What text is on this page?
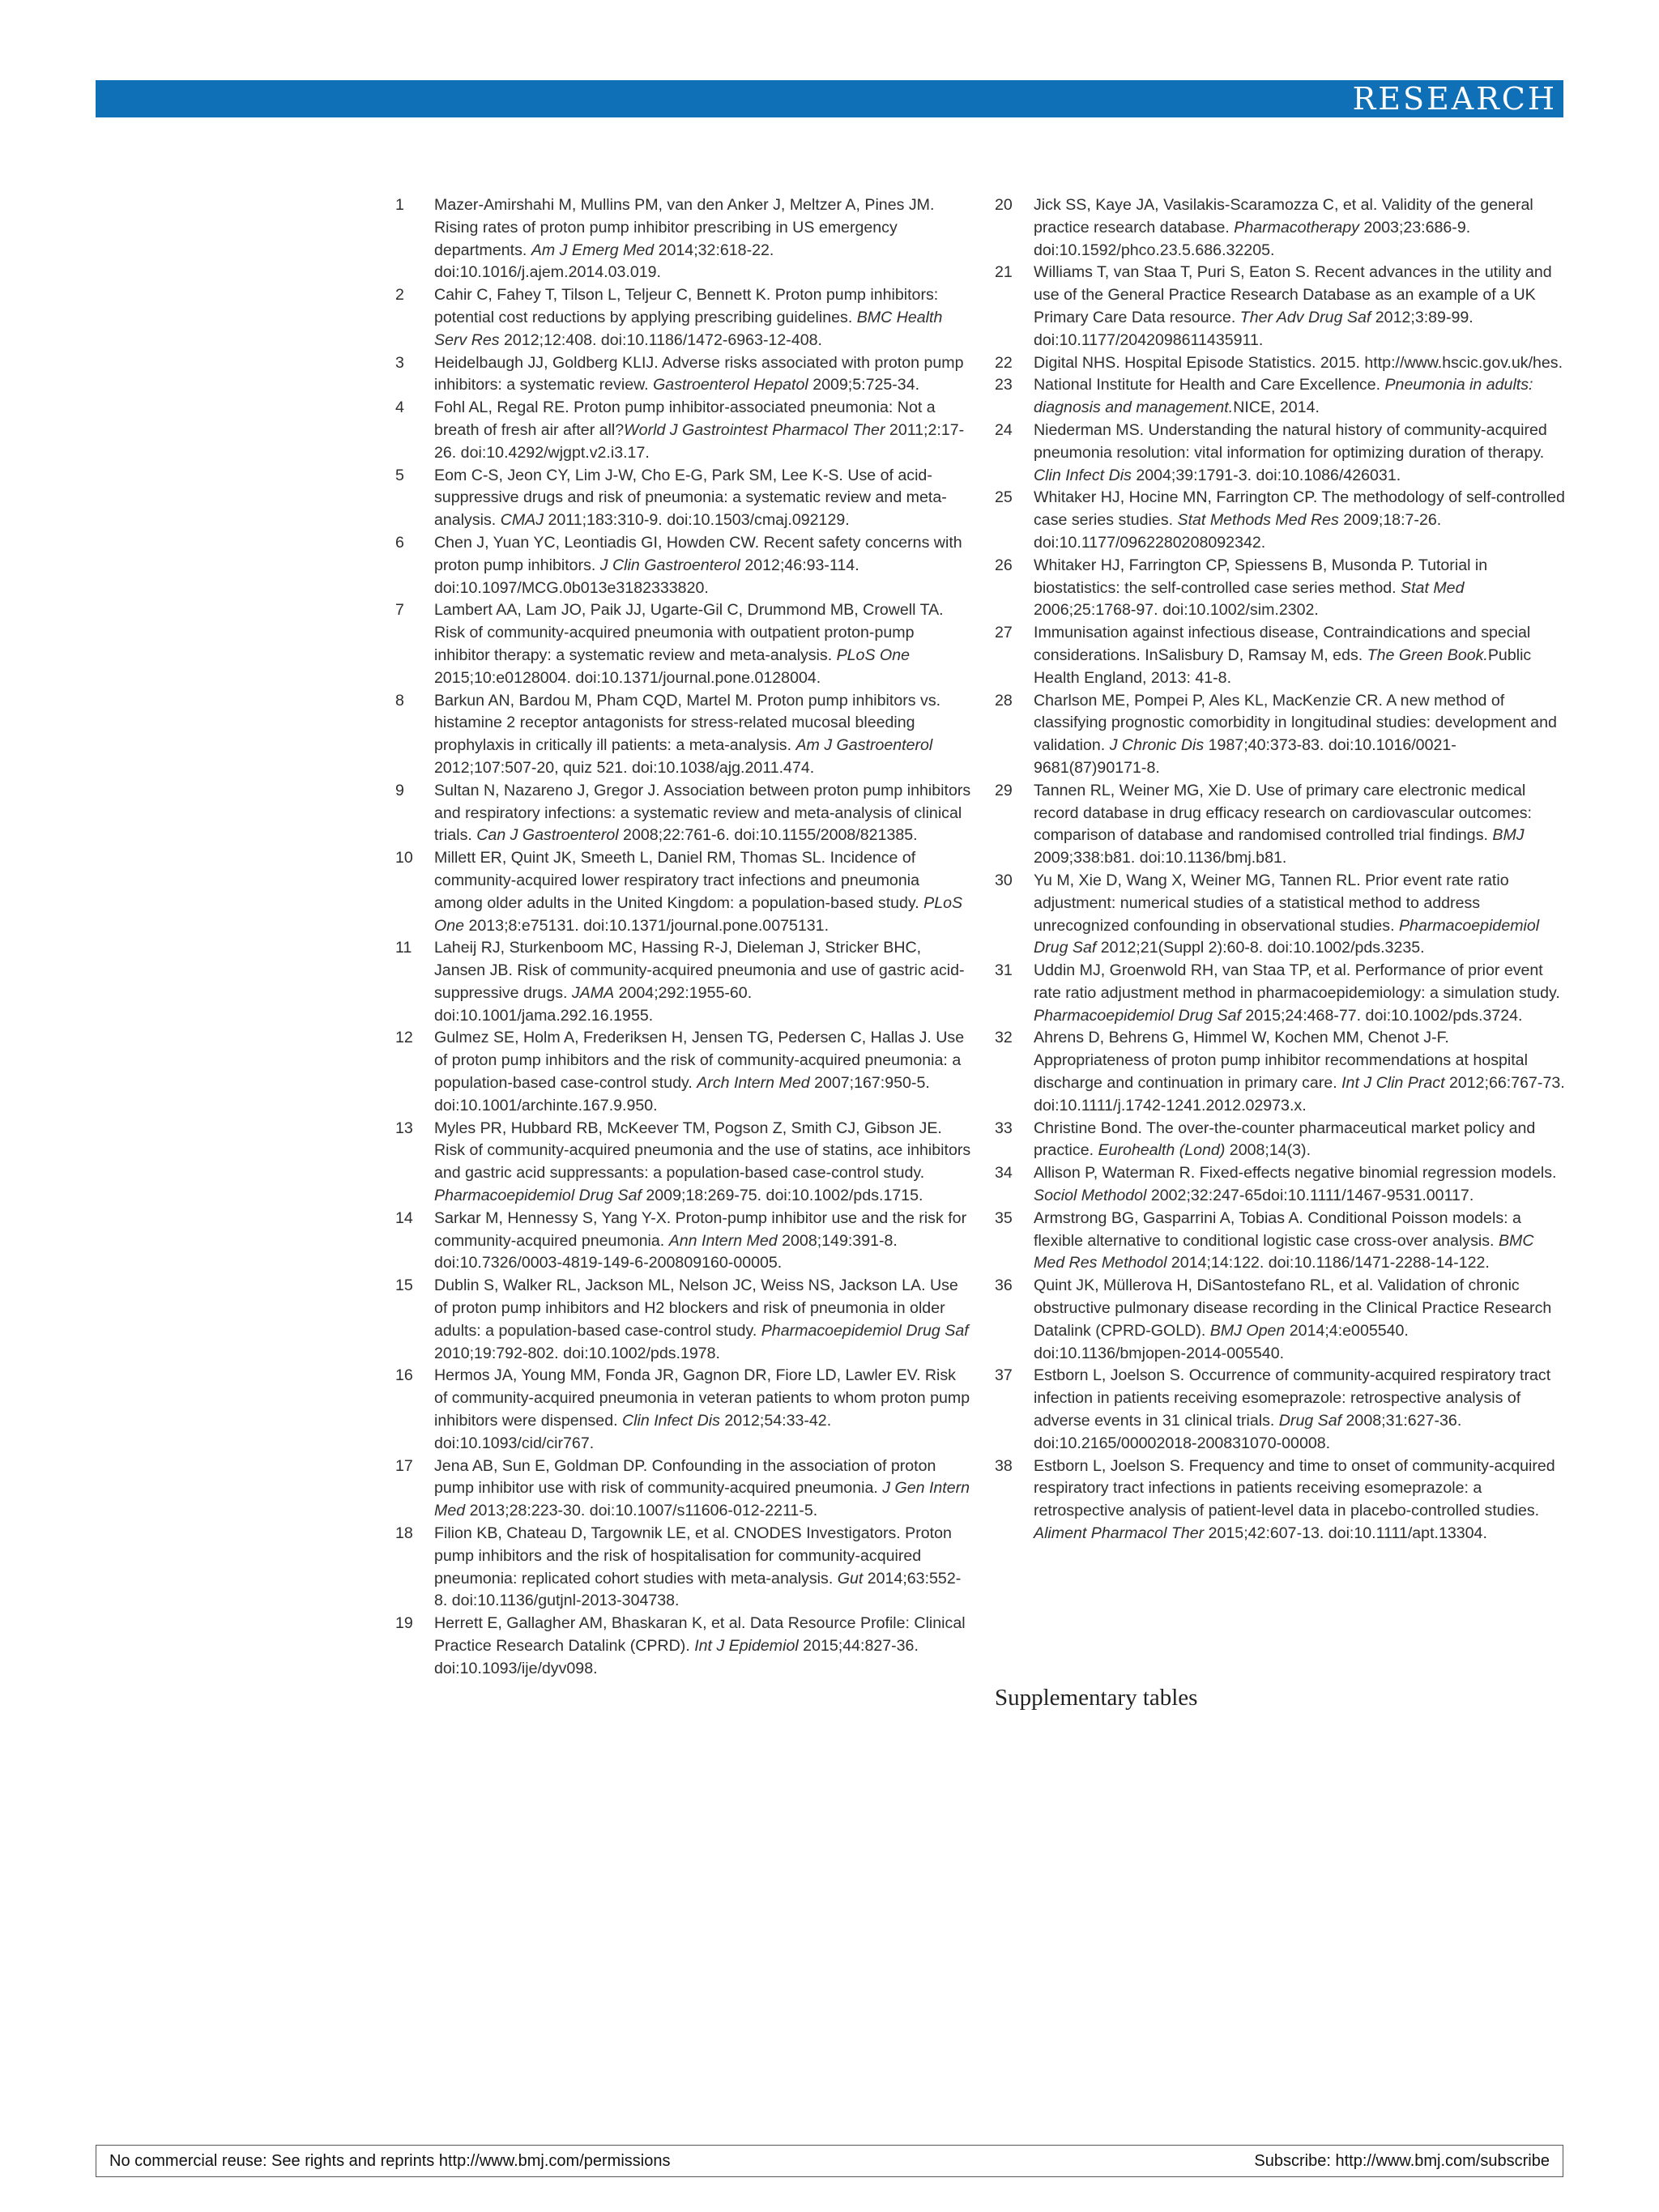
RESEARCH
1	Mazer-Amirshahi M, Mullins PM, van den Anker J, Meltzer A, Pines JM. Rising rates of proton pump inhibitor prescribing in US emergency departments. Am J Emerg Med 2014;32:618-22. doi:10.1016/j.ajem.2014.03.019.
2	Cahir C, Fahey T, Tilson L, Teljeur C, Bennett K. Proton pump inhibitors: potential cost reductions by applying prescribing guidelines. BMC Health Serv Res 2012;12:408. doi:10.1186/1472-6963-12-408.
3	Heidelbaugh JJ, Goldberg KLIJ. Adverse risks associated with proton pump inhibitors: a systematic review. Gastroenterol Hepatol 2009;5:725-34.
4	Fohl AL, Regal RE. Proton pump inhibitor-associated pneumonia: Not a breath of fresh air after all?World J Gastrointest Pharmacol Ther 2011;2:17-26. doi:10.4292/wjgpt.v2.i3.17.
5	Eom C-S, Jeon CY, Lim J-W, Cho E-G, Park SM, Lee K-S. Use of acid-suppressive drugs and risk of pneumonia: a systematic review and meta-analysis. CMAJ 2011;183:310-9. doi:10.1503/cmaj.092129.
6	Chen J, Yuan YC, Leontiadis GI, Howden CW. Recent safety concerns with proton pump inhibitors. J Clin Gastroenterol 2012;46:93-114. doi:10.1097/MCG.0b013e3182333820.
7	Lambert AA, Lam JO, Paik JJ, Ugarte-Gil C, Drummond MB, Crowell TA. Risk of community-acquired pneumonia with outpatient proton-pump inhibitor therapy: a systematic review and meta-analysis. PLoS One 2015;10:e0128004. doi:10.1371/journal.pone.0128004.
8	Barkun AN, Bardou M, Pham CQD, Martel M. Proton pump inhibitors vs. histamine 2 receptor antagonists for stress-related mucosal bleeding prophylaxis in critically ill patients: a meta-analysis. Am J Gastroenterol 2012;107:507-20, quiz 521. doi:10.1038/ajg.2011.474.
9	Sultan N, Nazareno J, Gregor J. Association between proton pump inhibitors and respiratory infections: a systematic review and meta-analysis of clinical trials. Can J Gastroenterol 2008;22:761-6. doi:10.1155/2008/821385.
10	Millett ER, Quint JK, Smeeth L, Daniel RM, Thomas SL. Incidence of community-acquired lower respiratory tract infections and pneumonia among older adults in the United Kingdom: a population-based study. PLoS One 2013;8:e75131. doi:10.1371/journal.pone.0075131.
11	Laheij RJ, Sturkenboom MC, Hassing R-J, Dieleman J, Stricker BHC, Jansen JB. Risk of community-acquired pneumonia and use of gastric acid-suppressive drugs. JAMA 2004;292:1955-60. doi:10.1001/jama.292.16.1955.
12	Gulmez SE, Holm A, Frederiksen H, Jensen TG, Pedersen C, Hallas J. Use of proton pump inhibitors and the risk of community-acquired pneumonia: a population-based case-control study. Arch Intern Med 2007;167:950-5. doi:10.1001/archinte.167.9.950.
13	Myles PR, Hubbard RB, McKeever TM, Pogson Z, Smith CJ, Gibson JE. Risk of community-acquired pneumonia and the use of statins, ace inhibitors and gastric acid suppressants: a population-based case-control study. Pharmacoepidemiol Drug Saf 2009;18:269-75. doi:10.1002/pds.1715.
14	Sarkar M, Hennessy S, Yang Y-X. Proton-pump inhibitor use and the risk for community-acquired pneumonia. Ann Intern Med 2008;149:391-8. doi:10.7326/0003-4819-149-6-200809160-00005.
15	Dublin S, Walker RL, Jackson ML, Nelson JC, Weiss NS, Jackson LA. Use of proton pump inhibitors and H2 blockers and risk of pneumonia in older adults: a population-based case-control study. Pharmacoepidemiol Drug Saf 2010;19:792-802. doi:10.1002/pds.1978.
16	Hermos JA, Young MM, Fonda JR, Gagnon DR, Fiore LD, Lawler EV. Risk of community-acquired pneumonia in veteran patients to whom proton pump inhibitors were dispensed. Clin Infect Dis 2012;54:33-42. doi:10.1093/cid/cir767.
17	Jena AB, Sun E, Goldman DP. Confounding in the association of proton pump inhibitor use with risk of community-acquired pneumonia. J Gen Intern Med 2013;28:223-30. doi:10.1007/s11606-012-2211-5.
18	Filion KB, Chateau D, Targownik LE, et al. CNODES Investigators. Proton pump inhibitors and the risk of hospitalisation for community-acquired pneumonia: replicated cohort studies with meta-analysis. Gut 2014;63:552-8. doi:10.1136/gutjnl-2013-304738.
19	Herrett E, Gallagher AM, Bhaskaran K, et al. Data Resource Profile: Clinical Practice Research Datalink (CPRD). Int J Epidemiol 2015;44:827-36. doi:10.1093/ije/dyv098.
20	Jick SS, Kaye JA, Vasilakis-Scaramozza C, et al. Validity of the general practice research database. Pharmacotherapy 2003;23:686-9. doi:10.1592/phco.23.5.686.32205.
21	Williams T, van Staa T, Puri S, Eaton S. Recent advances in the utility and use of the General Practice Research Database as an example of a UK Primary Care Data resource. Ther Adv Drug Saf 2012;3:89-99. doi:10.1177/2042098611435911.
22	Digital NHS. Hospital Episode Statistics. 2015. http://www.hscic.gov.uk/hes.
23	National Institute for Health and Care Excellence. Pneumonia in adults: diagnosis and management.NICE, 2014.
24	Niederman MS. Understanding the natural history of community-acquired pneumonia resolution: vital information for optimizing duration of therapy. Clin Infect Dis 2004;39:1791-3. doi:10.1086/426031.
25	Whitaker HJ, Hocine MN, Farrington CP. The methodology of self-controlled case series studies. Stat Methods Med Res 2009;18:7-26. doi:10.1177/0962280208092342.
26	Whitaker HJ, Farrington CP, Spiessens B, Musonda P. Tutorial in biostatistics: the self-controlled case series method. Stat Med 2006;25:1768-97. doi:10.1002/sim.2302.
27	Immunisation against infectious disease, Contraindications and special considerations. InSalisbury D, Ramsay M, eds. The Green Book.Public Health England, 2013: 41-8.
28	Charlson ME, Pompei P, Ales KL, MacKenzie CR. A new method of classifying prognostic comorbidity in longitudinal studies: development and validation. J Chronic Dis 1987;40:373-83. doi:10.1016/0021-9681(87)90171-8.
29	Tannen RL, Weiner MG, Xie D. Use of primary care electronic medical record database in drug efficacy research on cardiovascular outcomes: comparison of database and randomised controlled trial findings. BMJ 2009;338:b81. doi:10.1136/bmj.b81.
30	Yu M, Xie D, Wang X, Weiner MG, Tannen RL. Prior event rate ratio adjustment: numerical studies of a statistical method to address unrecognized confounding in observational studies. Pharmacoepidemiol Drug Saf 2012;21(Suppl 2):60-8. doi:10.1002/pds.3235.
31	Uddin MJ, Groenwold RH, van Staa TP, et al. Performance of prior event rate ratio adjustment method in pharmacoepidemiology: a simulation study. Pharmacoepidemiol Drug Saf 2015;24:468-77. doi:10.1002/pds.3724.
32	Ahrens D, Behrens G, Himmel W, Kochen MM, Chenot J-F. Appropriateness of proton pump inhibitor recommendations at hospital discharge and continuation in primary care. Int J Clin Pract 2012;66:767-73. doi:10.1111/j.1742-1241.2012.02973.x.
33	Christine Bond. The over-the-counter pharmaceutical market policy and practice. Eurohealth (Lond) 2008;14(3).
34	Allison P, Waterman R. Fixed-effects negative binomial regression models. Sociol Methodol 2002;32:247-65doi:10.1111/1467-9531.00117.
35	Armstrong BG, Gasparrini A, Tobias A. Conditional Poisson models: a flexible alternative to conditional logistic case cross-over analysis. BMC Med Res Methodol 2014;14:122. doi:10.1186/1471-2288-14-122.
36	Quint JK, Müllerova H, DiSantostefano RL, et al. Validation of chronic obstructive pulmonary disease recording in the Clinical Practice Research Datalink (CPRD-GOLD). BMJ Open 2014;4:e005540. doi:10.1136/bmjopen-2014-005540.
37	Estborn L, Joelson S. Occurrence of community-acquired respiratory tract infection in patients receiving esomeprazole: retrospective analysis of adverse events in 31 clinical trials. Drug Saf 2008;31:627-36. doi:10.2165/00002018-200831070-00008.
38	Estborn L, Joelson S. Frequency and time to onset of community-acquired respiratory tract infections in patients receiving esomeprazole: a retrospective analysis of patient-level data in placebo-controlled studies. Aliment Pharmacol Ther 2015;42:607-13. doi:10.1111/apt.13304.
Supplementary tables
No commercial reuse: See rights and reprints http://www.bmj.com/permissions	Subscribe: http://www.bmj.com/subscribe
